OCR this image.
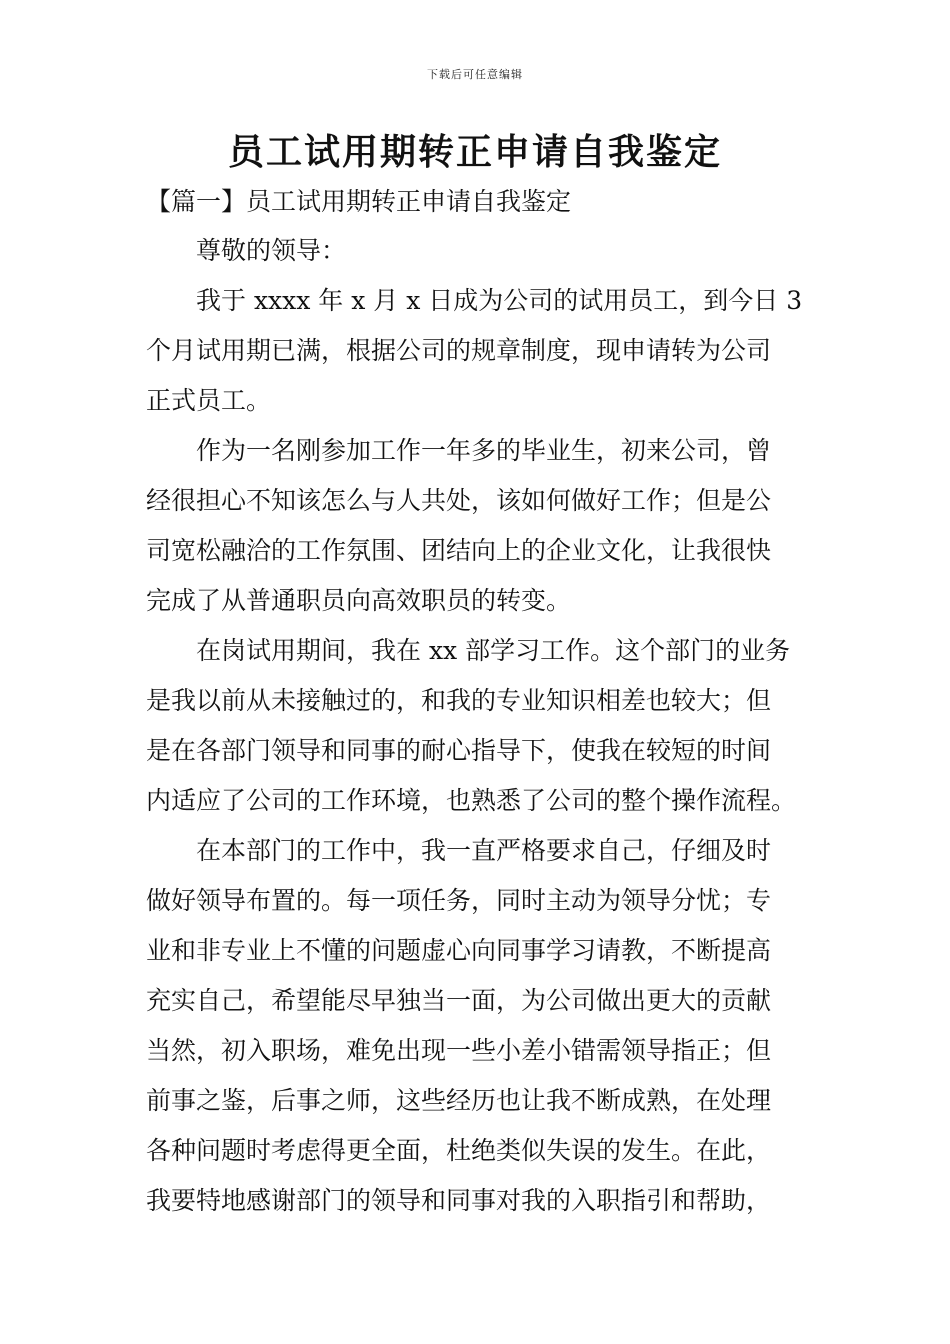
下载后可任意编辑
员工试用期转正申请自我鉴定
【篇一】员工试用期转正申请自我鉴定

尊敬的领导：

我于 xxxx 年 x 月 x 日成为公司的试用员工，到今日 3
个月试用期已满，根据公司的规章制度，现申请转为公司
正式员工。

作为一名刚参加工作一年多的毕业生，初来公司，曾
经很担心不知该怎么与人共处，该如何做好工作；但是公
司宽松融洽的工作氛围、团结向上的企业文化，让我很快
完成了从普通职员向高效职员的转变。

在岗试用期间，我在 xx 部学习工作。这个部门的业务
是我以前从未接触过的，和我的专业知识相差也较大；但
是在各部门领导和同事的耐心指导下，使我在较短的时间
内适应了公司的工作环境，也熟悉了公司的整个操作流程。

在本部门的工作中，我一直严格要求自己，仔细及时
做好领导布置的。每一项任务，同时主动为领导分忧；专
业和非专业上不懂的问题虚心向同事学习请教，不断提高
充实自己，希望能尽早独当一面，为公司做出更大的贡献
当然，初入职场，难免出现一些小差小错需领导指正；但
前事之鉴，后事之师，这些经历也让我不断成熟，在处理
各种问题时考虑得更全面，杜绝类似失误的发生。在此，
我要特地感谢部门的领导和同事对我的入职指引和帮助，
